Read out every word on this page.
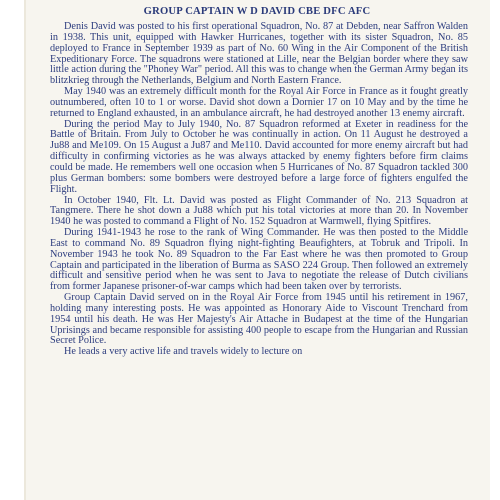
GROUP CAPTAIN W D DAVID CBE DFC AFC

Denis David was posted to his first operational Squadron, No. 87 at Debden, near Saffron Walden in 1938. This unit, equipped with Hawker Hurricanes, together with its sister Squadron, No. 85 deployed to France in September 1939 as part of No. 60 Wing in the Air Component of the British Expeditionary Force. The squadrons were stationed at Lille, near the Belgian border where they saw little action during the "Phoney War" period. All this was to change when the German Army began its blitzkrieg through the Netherlands, Belgium and North Eastern France.

May 1940 was an extremely difficult month for the Royal Air Force in France as it fought greatly outnumbered, often 10 to 1 or worse. David shot down a Dornier 17 on 10 May and by the time he returned to England exhausted, in an ambulance aircraft, he had destroyed another 13 enemy aircraft.

During the period May to July 1940, No. 87 Squadron reformed at Exeter in readiness for the Battle of Britain. From July to October he was continually in action. On 11 August he destroyed a Ju88 and Me109. On 15 August a Ju87 and Me110. David accounted for more enemy aircraft but had difficulty in confirming victories as he was always attacked by enemy fighters before firm claims could be made. He remembers well one occasion when 5 Hurricanes of No. 87 Squadron tackled 300 plus German bombers: some bombers were destroyed before a large force of fighters engulfed the Flight.

In October 1940, Flt. Lt. David was posted as Flight Commander of No. 213 Squadron at Tangmere. There he shot down a Ju88 which put his total victories at more than 20. In November 1940 he was posted to command a Flight of No. 152 Squadron at Warmwell, flying Spitfires.

During 1941-1943 he rose to the rank of Wing Commander. He was then posted to the Middle East to command No. 89 Squadron flying night-fighting Beaufighters, at Tobruk and Tripoli. In November 1943 he took No. 89 Squadron to the Far East where he was then promoted to Group Captain and participated in the liberation of Burma as SASO 224 Group. Then followed an extremely difficult and sensitive period when he was sent to Java to negotiate the release of Dutch civilians from former Japanese prisoner-of-war camps which had been taken over by terrorists.

Group Captain David served on in the Royal Air Force from 1945 until his retirement in 1967, holding many interesting posts. He was appointed as Honorary Aide to Viscount Trenchard from 1954 until his death. He was Her Majesty's Air Attache in Budapest at the time of the Hungarian Uprisings and became responsible for assisting 400 people to escape from the Hungarian and Russian Secret Police.

He leads a very active life and travels widely to lecture on
